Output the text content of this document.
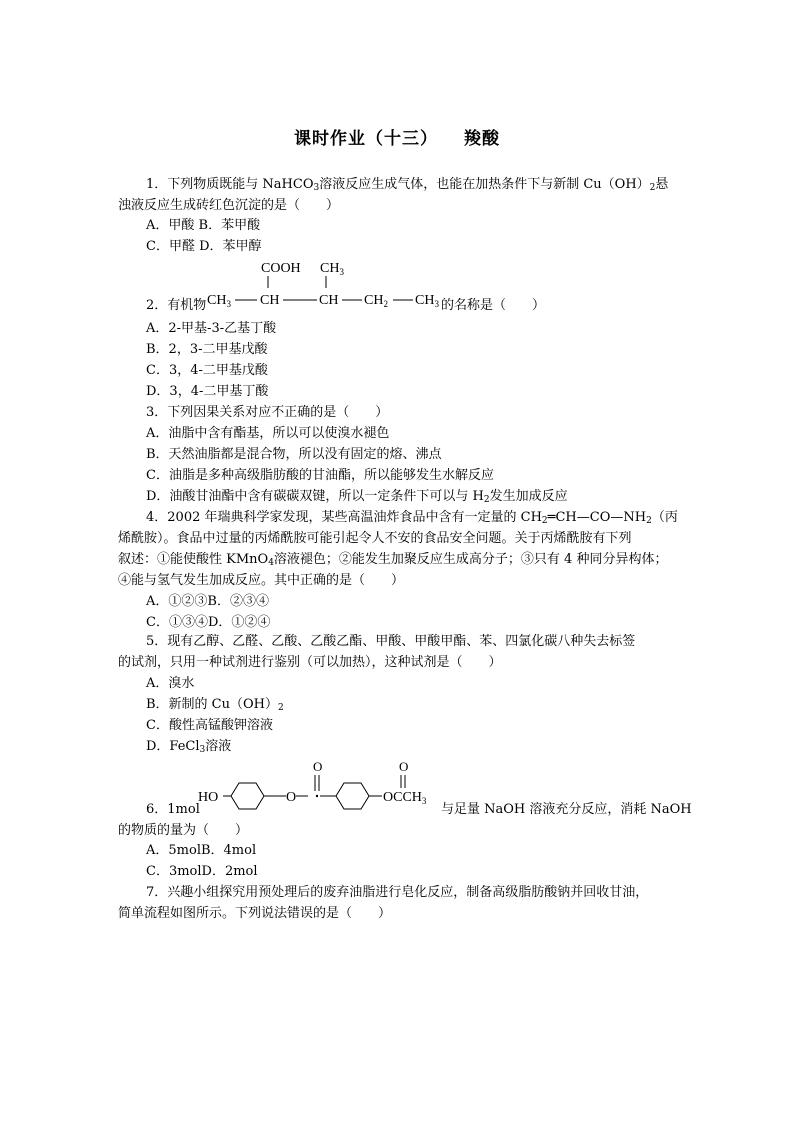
课时作业（十三） 羧酸
1．下列物质既能与 NaHCO$_3$溶液反应生成气体，也能在加热条件下与新制 $Cu(OH)_2$悬
浊液反应生成砖红色沉淀的是（　　）
A．甲酸 B．苯甲酸
C．甲醛 D．苯甲醇
COOH $CH_3$
$CH_3$ CH	CH $CH_2$ $CH_3$
2．有机物	的名称是（　　）
A．2-甲基-3-乙基丁酸
B．2，3-二甲基戊酸
C．3，4-二甲基戊酸
D．3，4-二甲基丁酸
3．下列因果关系对应不正确的是（　　）
A．油脂中含有酯基，所以可以使溴水褪色
B．天然油脂都是混合物，所以没有固定的熔、沸点
C．油脂是多种高级脂肪酸的甘油酯，所以能够发生水解反应
D．油酸甘油酯中含有碳碳双键，所以一定条件下可以与 $H_2$发生加成反应
4．2002 年瑞典科学家发现，某些高温油炸食品中含有一定量的 $CH_2═CH—CO—NH_2$（丙
烯酰胺）。食品中过量的丙烯酰胺可能引起令人不安的食品安全问题。关于丙烯酰胺有下列
叙述：①能使酸性 KMnO$_4$溶液褪色；②能发生加聚反应生成高分子；③只有 4 种同分异构体；
④能与氢气发生加成反应。其中正确的是（　　）
A．①②③B．②③④
C．①③④D．①②④
5．现有乙醇、乙醛、乙酸、乙酸乙酯、甲酸、甲酸甲酯、苯、四氯化碳八种失去标签
的试剂，只用一种试剂进行鉴别（可以加热），这种试剂是（　　）
A．溴水
B．新制的 $Cu(OH)_2$
C．酸性高锰酸钾溶液
D．FeCl$_3$溶液
HO	O
O
$OCCH_3$
O
6．1mol	与足量 NaOH 溶液充分反应，消耗 NaOH
的物质的量为（　　）
A．5molB．4mol
C．3molD．2mol
7．兴趣小组探究用预处理后的废弃油脂进行皂化反应，制备高级脂肪酸钠并回收甘油，
简单流程如图所示。下列说法错误的是（　　）
